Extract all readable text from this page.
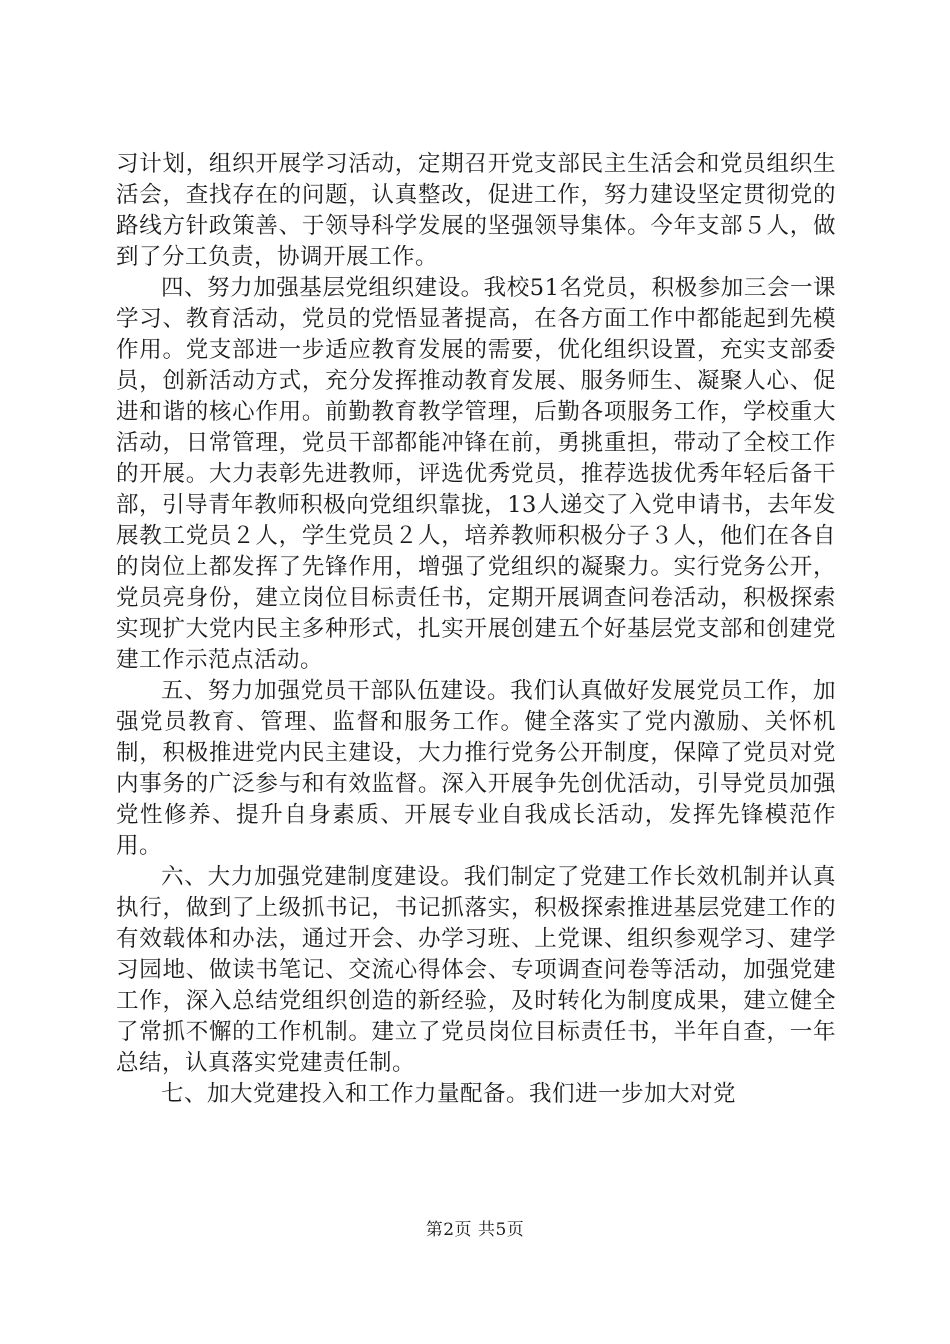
习计划，组织开展学习活动，定期召开党支部民主生活会和党员组织生活会，查找存在的问题，认真整改，促进工作，努力建设坚定贯彻党的路线方针政策善、于领导科学发展的坚强领导集体。今年支部５人，做到了分工负责，协调开展工作。

四、努力加强基层党组织建设。我校51名党员，积极参加三会一课学习、教育活动，党员的党悟显著提高，在各方面工作中都能起到先模作用。党支部进一步适应教育发展的需要，优化组织设置，充实支部委员，创新活动方式，充分发挥推动教育发展、服务师生、凝聚人心、促进和谐的核心作用。前勤教育教学管理，后勤各项服务工作，学校重大活动，日常管理，党员干部都能冲锋在前，勇挑重担，带动了全校工作的开展。大力表彰先进教师，评选优秀党员，推荐选拔优秀年轻后备干部，引导青年教师积极向党组织靠拢，13人递交了入党申请书，去年发展教工党员２人，学生党员２人，培养教师积极分子３人，他们在各自的岗位上都发挥了先锋作用，增强了党组织的凝聚力。实行党务公开，党员亮身份，建立岗位目标责任书，定期开展调查问卷活动，积极探索实现扩大党内民主多种形式，扎实开展创建五个好基层党支部和创建党建工作示范点活动。

五、努力加强党员干部队伍建设。我们认真做好发展党员工作，加强党员教育、管理、监督和服务工作。健全落实了党内激励、关怀机制，积极推进党内民主建设，大力推行党务公开制度，保障了党员对党内事务的广泛参与和有效监督。深入开展争先创优活动，引导党员加强党性修养、提升自身素质、开展专业自我成长活动，发挥先锋模范作用。

六、大力加强党建制度建设。我们制定了党建工作长效机制并认真执行，做到了上级抓书记，书记抓落实，积极探索推进基层党建工作的有效载体和办法，通过开会、办学习班、上党课、组织参观学习、建学习园地、做读书笔记、交流心得体会、专项调查问卷等活动，加强党建工作，深入总结党组织创造的新经验，及时转化为制度成果，建立健全了常抓不懈的工作机制。建立了党员岗位目标责任书，半年自查，一年总结，认真落实党建责任制。

七、加大党建投入和工作力量配备。我们进一步加大对党

第2页 共5页
